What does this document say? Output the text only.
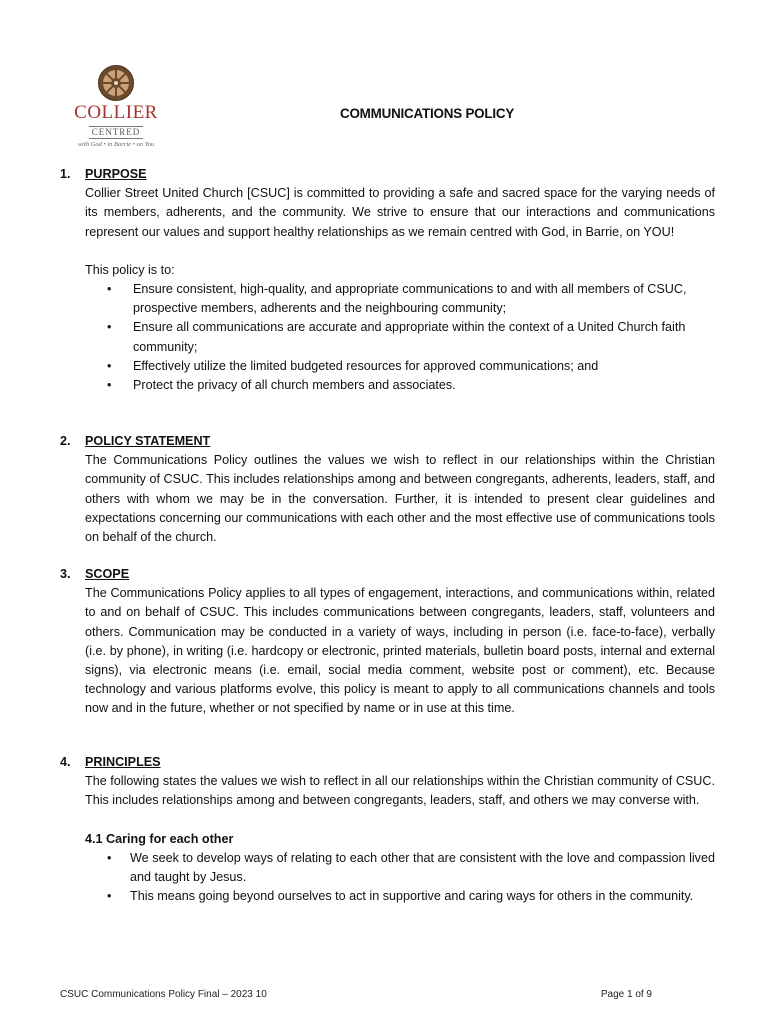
COLLIER
CENTRED
with God • in Barrie • on You
COMMUNICATIONS POLICY
1. PURPOSE
Collier Street United Church [CSUC] is committed to providing a safe and sacred space for the varying needs of its members, adherents, and the community. We strive to ensure that our interactions and communications represent our values and support healthy relationships as we remain centred with God, in Barrie, on YOU!
This policy is to:
• Ensure consistent, high-quality, and appropriate communications to and with all members of CSUC, prospective members, adherents and the neighbouring community;
• Ensure all communications are accurate and appropriate within the context of a United Church faith community;
• Effectively utilize the limited budgeted resources for approved communications; and
• Protect the privacy of all church members and associates.
2. POLICY STATEMENT
The Communications Policy outlines the values we wish to reflect in our relationships within the Christian community of CSUC. This includes relationships among and between congregants, adherents, leaders, staff, and others with whom we may be in the conversation. Further, it is intended to present clear guidelines and expectations concerning our communications with each other and the most effective use of communications tools on behalf of the church.
3. SCOPE
The Communications Policy applies to all types of engagement, interactions, and communications within, related to and on behalf of CSUC. This includes communications between congregants, leaders, staff, volunteers and others. Communication may be conducted in a variety of ways, including in person (i.e. face-to-face), verbally (i.e. by phone), in writing (i.e. hardcopy or electronic, printed materials, bulletin board posts, internal and external signs), via electronic means (i.e. email, social media comment, website post or comment), etc. Because technology and various platforms evolve, this policy is meant to apply to all communications channels and tools now and in the future, whether or not specified by name or in use at this time.
4. PRINCIPLES
The following states the values we wish to reflect in all our relationships within the Christian community of CSUC. This includes relationships among and between congregants, leaders, staff, and others we may converse with.
4.1 Caring for each other
• We seek to develop ways of relating to each other that are consistent with the love and compassion lived and taught by Jesus.
• This means going beyond ourselves to act in supportive and caring ways for others in the community.
CSUC Communications Policy Final – 2023 10	Page 1 of 9
